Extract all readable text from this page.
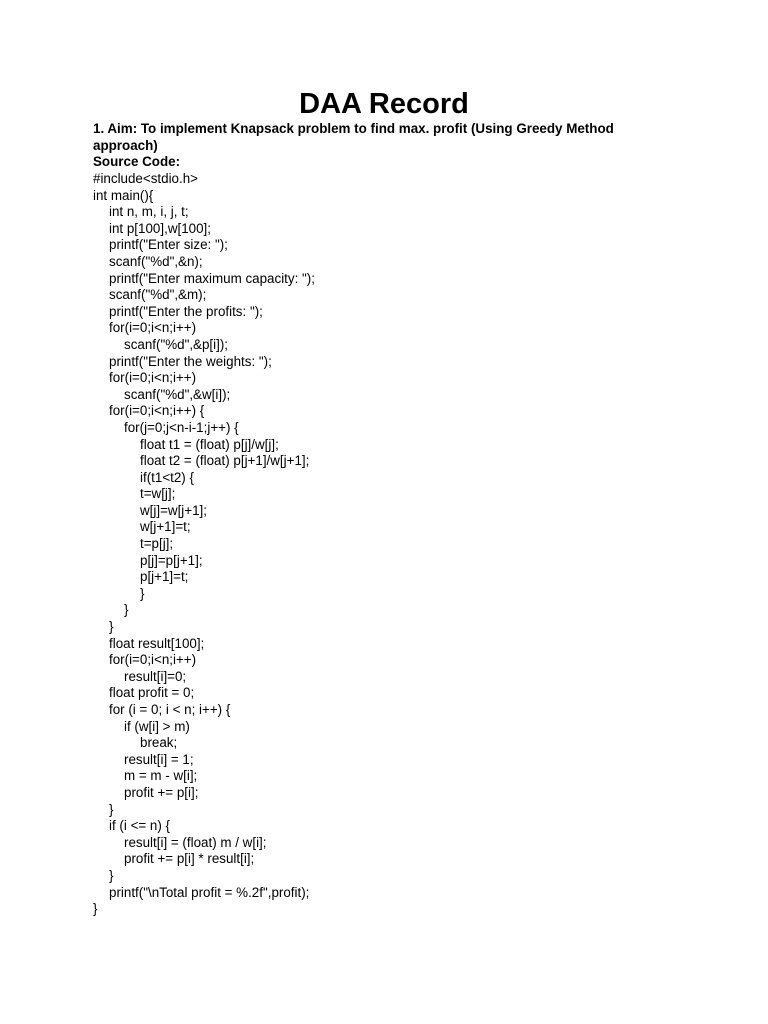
DAA Record

1. Aim: To implement Knapsack problem to find max. profit (Using Greedy Method approach)

Source Code:

#include<stdio.h>
int main(){
int n, m, i, j, t;
int p[100],w[100];
printf("Enter size: ");
scanf("%d",&n);
printf("Enter maximum capacity: ");
scanf("%d",&m);
printf("Enter the profits: ");
for(i=0;i<n;i++)
scanf("%d",&p[i]);
printf("Enter the weights: ");
for(i=0;i<n;i++)
scanf("%d",&w[i]);
for(i=0;i<n;i++) {
for(j=0;j<n-i-1;j++) {
float t1 = (float) p[j]/w[j];
float t2 = (float) p[j+1]/w[j+1];
if(t1<t2) {
t=w[j];
w[j]=w[j+1];
w[j+1]=t;
t=p[j];
p[j]=p[j+1];
p[j+1]=t;
}
}
}
float result[100];
for(i=0;i<n;i++)
result[i]=0;
float profit = 0;
for (i = 0; i < n; i++) {
if (w[i] > m)
break;
result[i] = 1;
m = m - w[i];
profit += p[i];
}
if (i <= n) {
result[i] = (float) m / w[i];
profit += p[i] * result[i];
}
printf("\nTotal profit = %.2f",profit);
}
